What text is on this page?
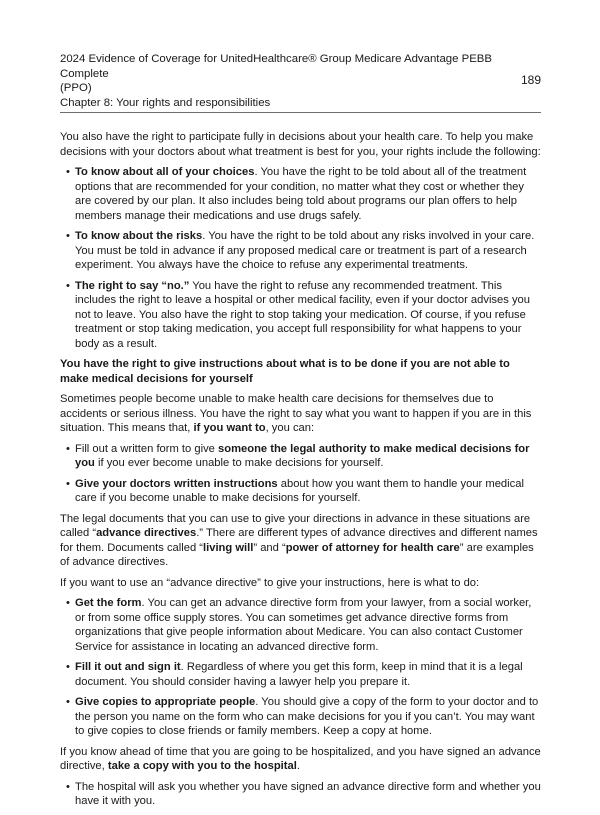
2024 Evidence of Coverage for UnitedHealthcare® Group Medicare Advantage PEBB Complete
(PPO)
Chapter 8: Your rights and responsibilities
189

You also have the right to participate fully in decisions about your health care. To help you make decisions with your doctors about what treatment is best for you, your rights include the following:

• To know about all of your choices. You have the right to be told about all of the treatment options that are recommended for your condition, no matter what they cost or whether they are covered by our plan. It also includes being told about programs our plan offers to help members manage their medications and use drugs safely.
• To know about the risks. You have the right to be told about any risks involved in your care. You must be told in advance if any proposed medical care or treatment is part of a research experiment. You always have the choice to refuse any experimental treatments.
• The right to say “no.” You have the right to refuse any recommended treatment. This includes the right to leave a hospital or other medical facility, even if your doctor advises you not to leave. You also have the right to stop taking your medication. Of course, if you refuse treatment or stop taking medication, you accept full responsibility for what happens to your body as a result.
You have the right to give instructions about what is to be done if you are not able to make medical decisions for yourself

Sometimes people become unable to make health care decisions for themselves due to accidents or serious illness. You have the right to say what you want to happen if you are in this situation. This means that, if you want to, you can:

• Fill out a written form to give someone the legal authority to make medical decisions for you if you ever become unable to make decisions for yourself.
• Give your doctors written instructions about how you want them to handle your medical care if you become unable to make decisions for yourself.

The legal documents that you can use to give your directions in advance in these situations are called “advance directives.” There are different types of advance directives and different names for them. Documents called “living will” and “power of attorney for health care” are examples of advance directives.

If you want to use an “advance directive” to give your instructions, here is what to do:

• Get the form. You can get an advance directive form from your lawyer, from a social worker, or from some office supply stores. You can sometimes get advance directive forms from organizations that give people information about Medicare. You can also contact Customer Service for assistance in locating an advanced directive form.
• Fill it out and sign it. Regardless of where you get this form, keep in mind that it is a legal document. You should consider having a lawyer help you prepare it.
• Give copies to appropriate people. You should give a copy of the form to your doctor and to the person you name on the form who can make decisions for you if you can’t. You may want to give copies to close friends or family members. Keep a copy at home.

If you know ahead of time that you are going to be hospitalized, and you have signed an advance directive, take a copy with you to the hospital.

• The hospital will ask you whether you have signed an advance directive form and whether you have it with you.
